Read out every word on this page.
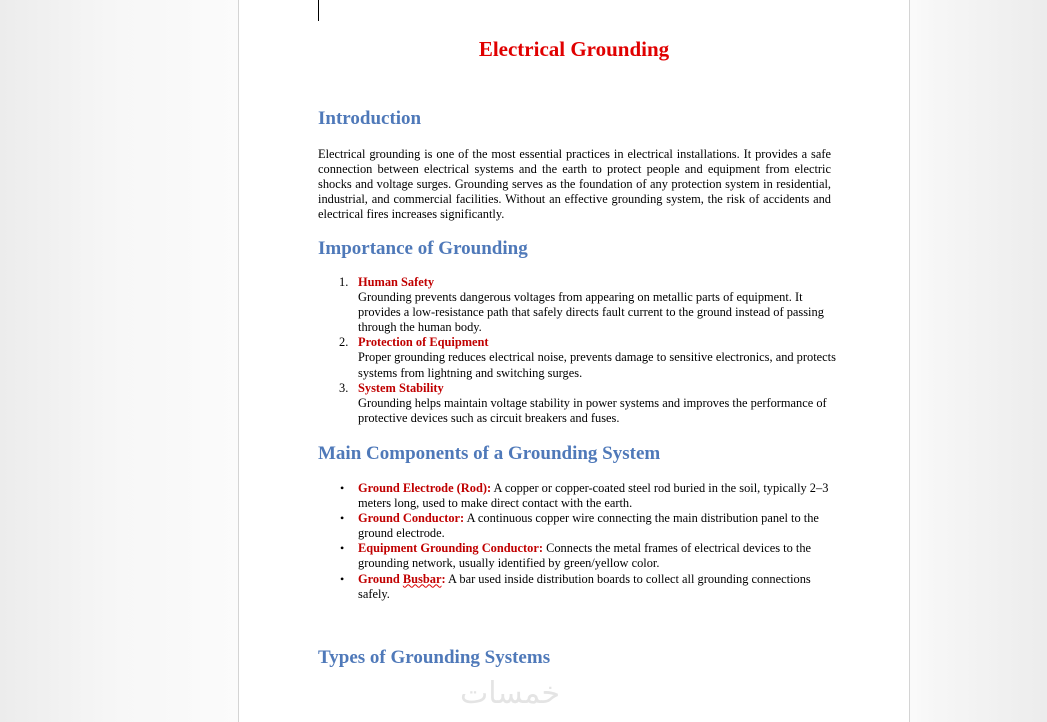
Electrical Grounding
Introduction

Electrical grounding is one of the most essential practices in electrical installations. It provides a safe connection between electrical systems and the earth to protect people and equipment from electric shocks and voltage surges. Grounding serves as the foundation of any protection system in residential, industrial, and commercial facilities. Without an effective grounding system, the risk of accidents and electrical fires increases significantly.

Importance of Grounding
1. Human Safety
Grounding prevents dangerous voltages from appearing on metallic parts of equipment. It provides a low-resistance path that safely directs fault current to the ground instead of passing through the human body.
2. Protection of Equipment
Proper grounding reduces electrical noise, prevents damage to sensitive electronics, and protects systems from lightning and switching surges.
3. System Stability
Grounding helps maintain voltage stability in power systems and improves the performance of protective devices such as circuit breakers and fuses.
Main Components of a Grounding System
• Ground Electrode (Rod): A copper or copper-coated steel rod buried in the soil, typically 2–3 meters long, used to make direct contact with the earth.
• Ground Conductor: A continuous copper wire connecting the main distribution panel to the ground electrode.
• Equipment Grounding Conductor: Connects the metal frames of electrical devices to the grounding network, usually identified by green/yellow color.
• Ground Busbar: A bar used inside distribution boards to collect all grounding connections safely.
Types of Grounding Systems
خمسات
